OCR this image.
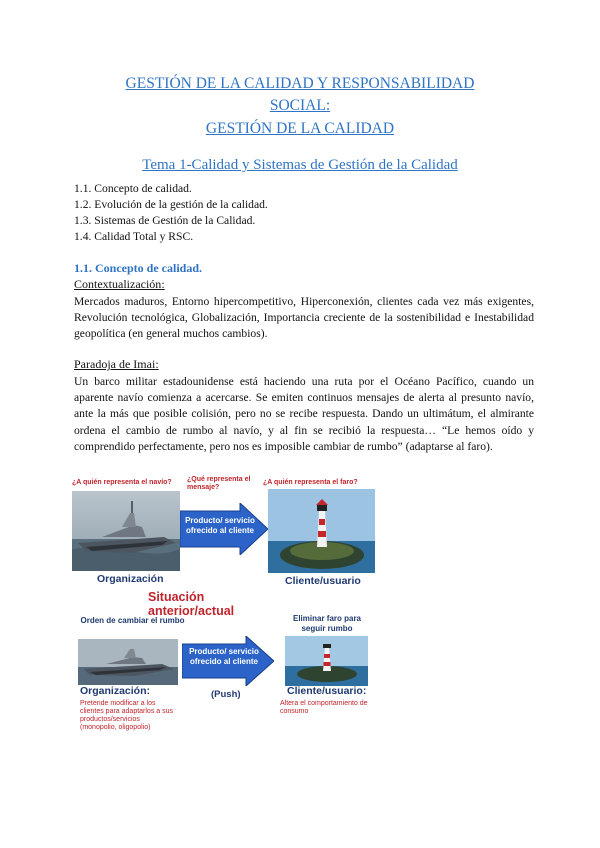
GESTIÓN DE LA CALIDAD Y RESPONSABILIDAD
SOCIAL:
GESTIÓN DE LA CALIDAD
Tema 1-Calidad y Sistemas de Gestión de la Calidad
1.1. Concepto de calidad.
1.2. Evolución de la gestión de la calidad.
1.3. Sistemas de Gestión de la Calidad.
1.4. Calidad Total y RSC.
1.1. Concepto de calidad.
Contextualización:
Mercados maduros, Entorno hipercompetitivo, Hiperconexión, clientes cada vez más exigentes, Revolución tecnológica, Globalización, Importancia creciente de la sostenibilidad e Inestabilidad geopolítica (en general muchos cambios).
Paradoja de Imai:
Un barco militar estadounidense está haciendo una ruta por el Océano Pacífico, cuando un aparente navío comienza a acercarse. Se emiten continuos mensajes de alerta al presunto navío, ante la más que posible colisión, pero no se recibe respuesta. Dando un ultimátum, el almirante ordena el cambio de rumbo al navío, y al fin se recibió la respuesta… “Le hemos oído y comprendido perfectamente, pero nos es imposible cambiar de rumbo” (adaptarse al faro).
¿A quién representa el navío?	¿Qué representa el mensaje?
¿A quién representa el faro?
Producto/ servicio ofrecido al cliente
Organización	Cliente/usuario
Situación anterior/actual
Orden de cambiar el rumbo	Eliminar faro para seguir rumbo
Producto/ servicio ofrecido al cliente
Organización:	(Push)	Cliente/usuario:
Pretende modificar a los clientes para adaptarlos a sus productos/servicios (monopolio, oligopolio)
Altera el comportamiento de consumo
